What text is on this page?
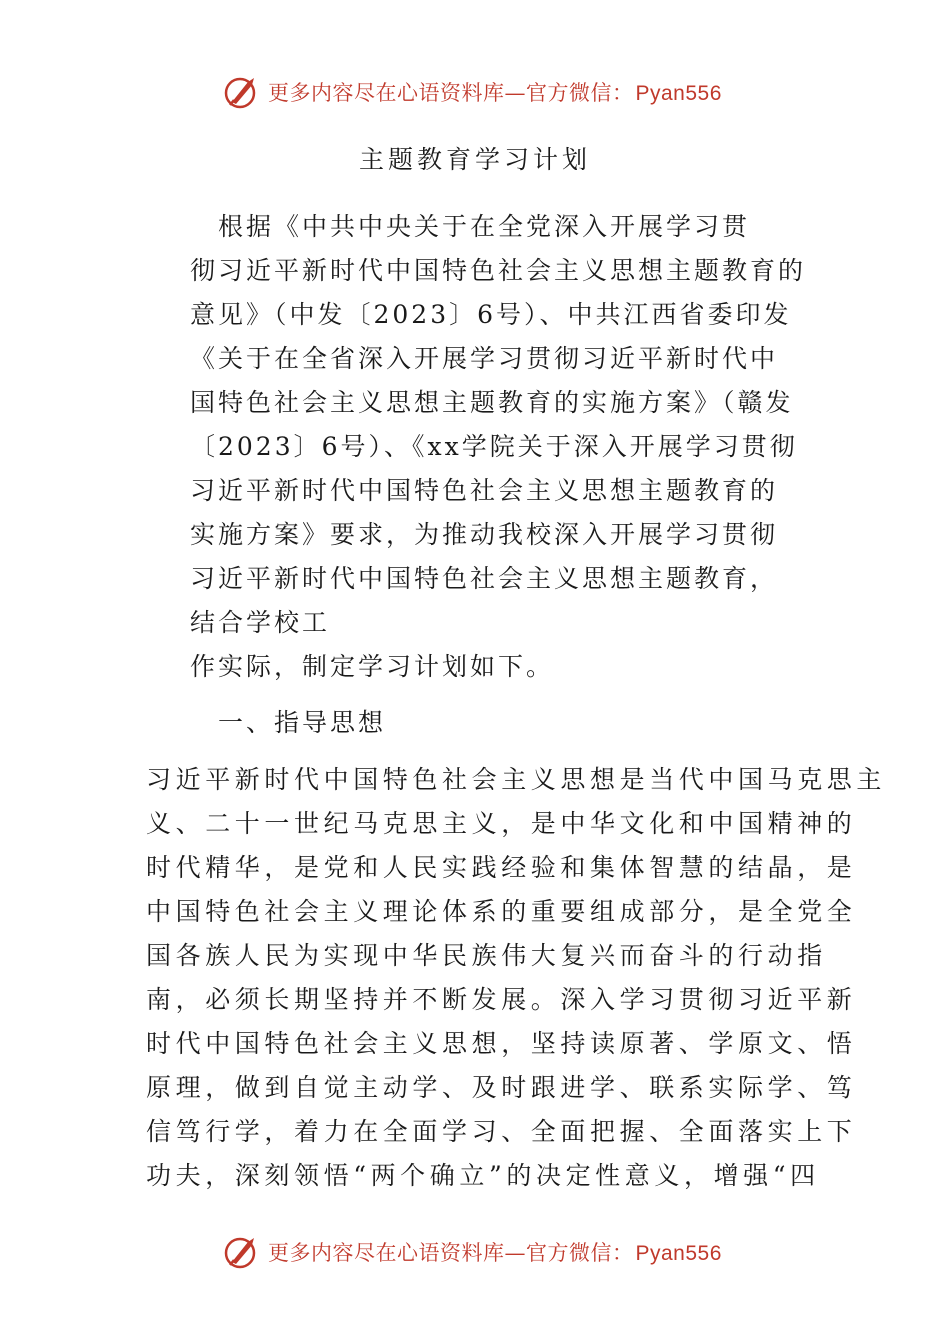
更多内容尽在心语资料库—官方微信：Pyan556
主题教育学习计划
　根据《中共中央关于在全党深入开展学习贯
彻习近平新时代中国特色社会主义思想主题教育的
意见》（中发〔2023〕6号）、中共江西省委印发
《关于在全省深入开展学习贯彻习近平新时代中
国特色社会主义思想主题教育的实施方案》（赣发
〔2023〕6号）、《xx学院关于深入开展学习贯彻
习近平新时代中国特色社会主义思想主题教育的
实施方案》要求，为推动我校深入开展学习贯彻
习近平新时代中国特色社会主义思想主题教育，
结合学校工
作实际，制定学习计划如下。
　一、指导思想
习近平新时代中国特色社会主义思想是当代中国马克思主
义、二十一世纪马克思主义，是中华文化和中国精神的
时代精华，是党和人民实践经验和集体智慧的结晶，是
中国特色社会主义理论体系的重要组成部分，是全党全
国各族人民为实现中华民族伟大复兴而奋斗的行动指
南，必须长期坚持并不断发展。深入学习贯彻习近平新
时代中国特色社会主义思想，坚持读原著、学原文、悟
原理，做到自觉主动学、及时跟进学、联系实际学、笃
信笃行学，着力在全面学习、全面把握、全面落实上下
功夫，深刻领悟“两个确立”的决定性意义，增强“四
更多内容尽在心语资料库—官方微信：Pyan556
